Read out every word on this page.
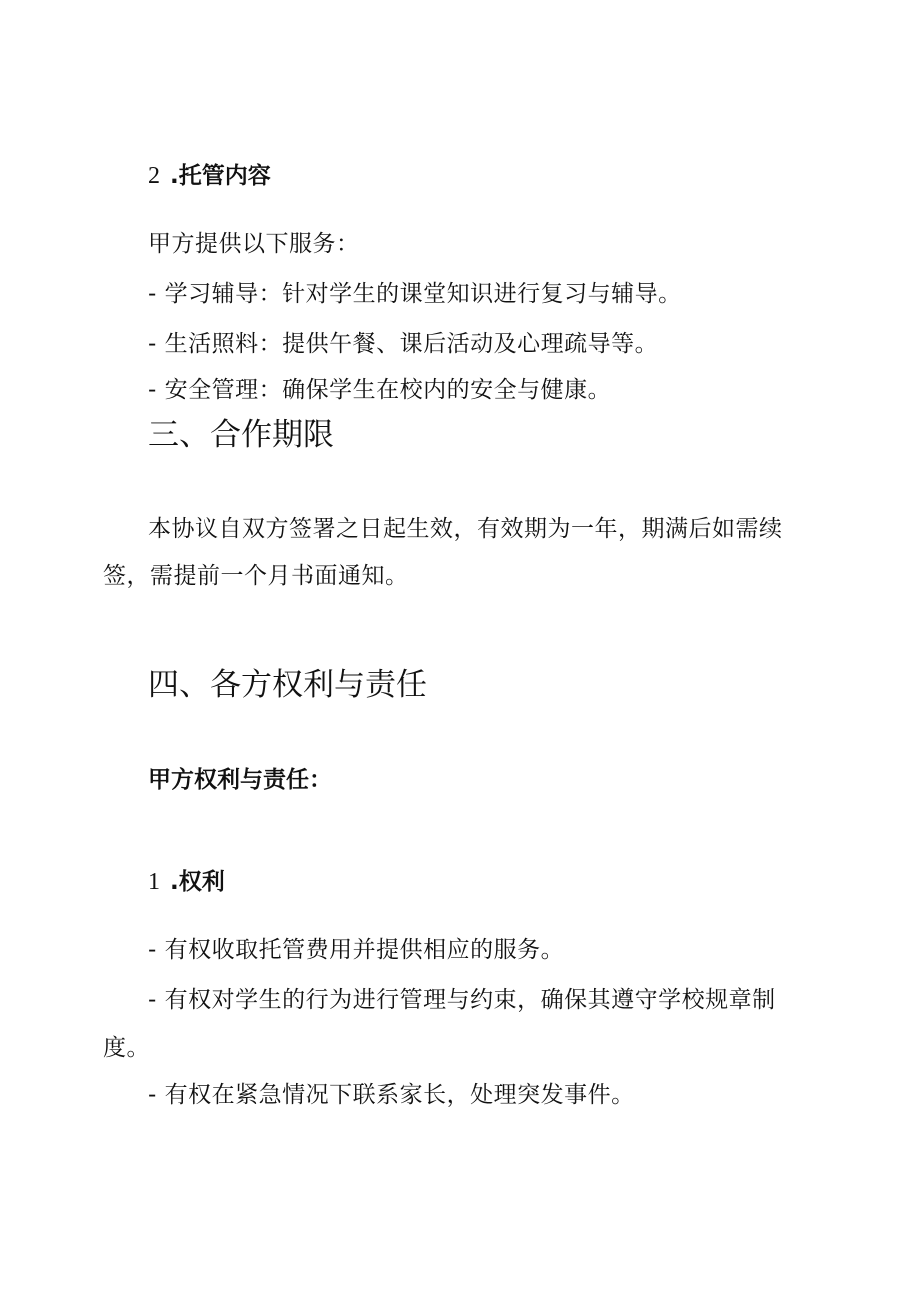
2 .托管内容
甲方提供以下服务：
- 学习辅导：针对学生的课堂知识进行复习与辅导。
- 生活照料：提供午餐、课后活动及心理疏导等。
- 安全管理：确保学生在校内的安全与健康。
三、合作期限
本协议自双方签署之日起生效，有效期为一年，期满后如需续
签，需提前一个月书面通知。
四、各方权利与责任
甲方权利与责任：
1 .权利
- 有权收取托管费用并提供相应的服务。
- 有权对学生的行为进行管理与约束，确保其遵守学校规章制
度。
- 有权在紧急情况下联系家长，处理突发事件。
